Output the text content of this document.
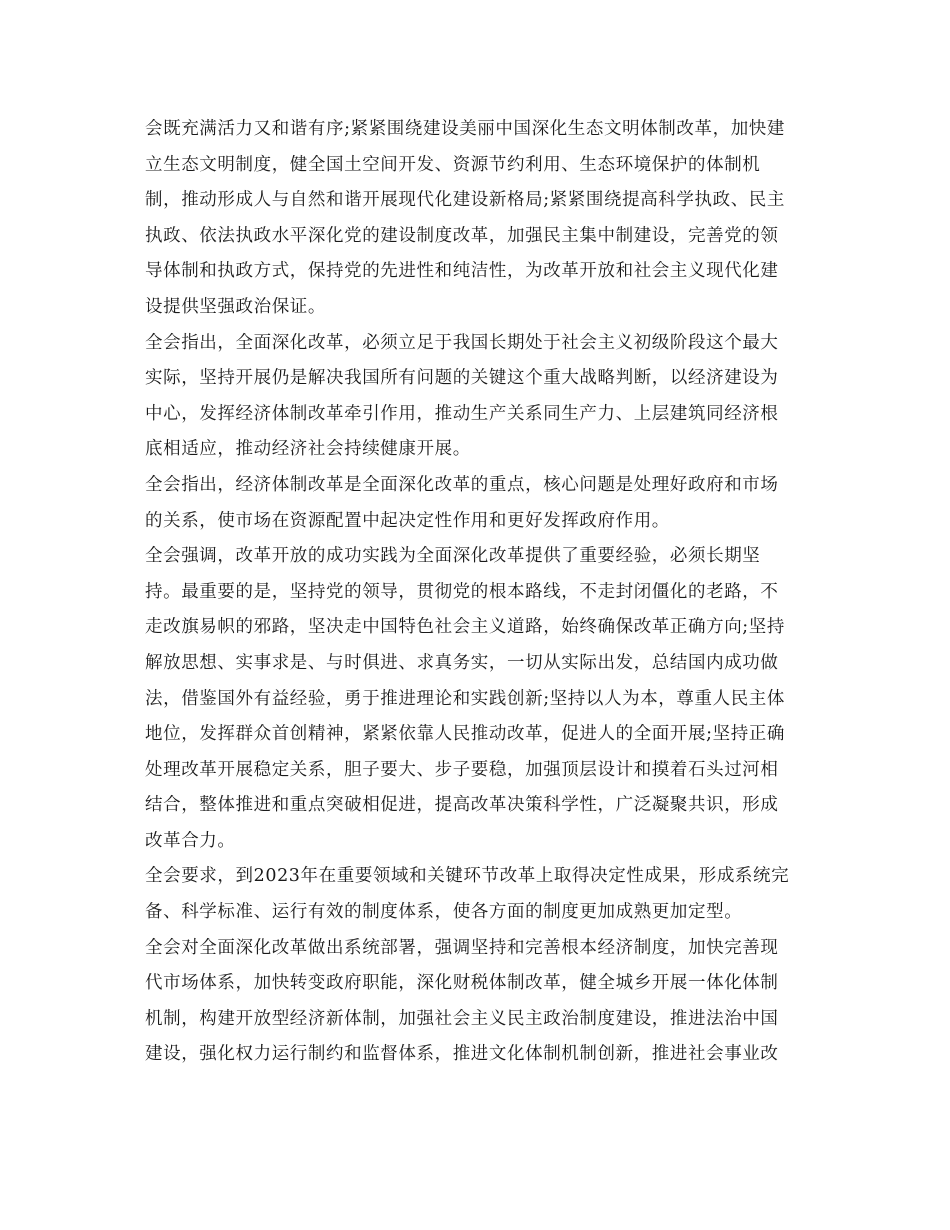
会既充满活力又和谐有序;紧紧围绕建设美丽中国深化生态文明体制改革，加快建
立生态文明制度，健全国土空间开发、资源节约利用、生态环境保护的体制机
制，推动形成人与自然和谐开展现代化建设新格局;紧紧围绕提高科学执政、民主
执政、依法执政水平深化党的建设制度改革，加强民主集中制建设，完善党的领
导体制和执政方式，保持党的先进性和纯洁性，为改革开放和社会主义现代化建
设提供坚强政治保证。
全会指出，全面深化改革，必须立足于我国长期处于社会主义初级阶段这个最大
实际，坚持开展仍是解决我国所有问题的关键这个重大战略判断，以经济建设为
中心，发挥经济体制改革牵引作用，推动生产关系同生产力、上层建筑同经济根
底相适应，推动经济社会持续健康开展。
全会指出，经济体制改革是全面深化改革的重点，核心问题是处理好政府和市场
的关系，使市场在资源配置中起决定性作用和更好发挥政府作用。
全会强调，改革开放的成功实践为全面深化改革提供了重要经验，必须长期坚
持。最重要的是，坚持党的领导，贯彻党的根本路线，不走封闭僵化的老路，不
走改旗易帜的邪路，坚决走中国特色社会主义道路，始终确保改革正确方向;坚持
解放思想、实事求是、与时俱进、求真务实，一切从实际出发，总结国内成功做
法，借鉴国外有益经验，勇于推进理论和实践创新;坚持以人为本，尊重人民主体
地位，发挥群众首创精神，紧紧依靠人民推动改革，促进人的全面开展;坚持正确
处理改革开展稳定关系，胆子要大、步子要稳，加强顶层设计和摸着石头过河相
结合，整体推进和重点突破相促进，提高改革决策科学性，广泛凝聚共识，形成
改革合力。
全会要求，到2023年在重要领域和关键环节改革上取得决定性成果，形成系统完
备、科学标准、运行有效的制度体系，使各方面的制度更加成熟更加定型。
全会对全面深化改革做出系统部署，强调坚持和完善根本经济制度，加快完善现
代市场体系，加快转变政府职能，深化财税体制改革，健全城乡开展一体化体制
机制，构建开放型经济新体制，加强社会主义民主政治制度建设，推进法治中国
建设，强化权力运行制约和监督体系，推进文化体制机制创新，推进社会事业改
